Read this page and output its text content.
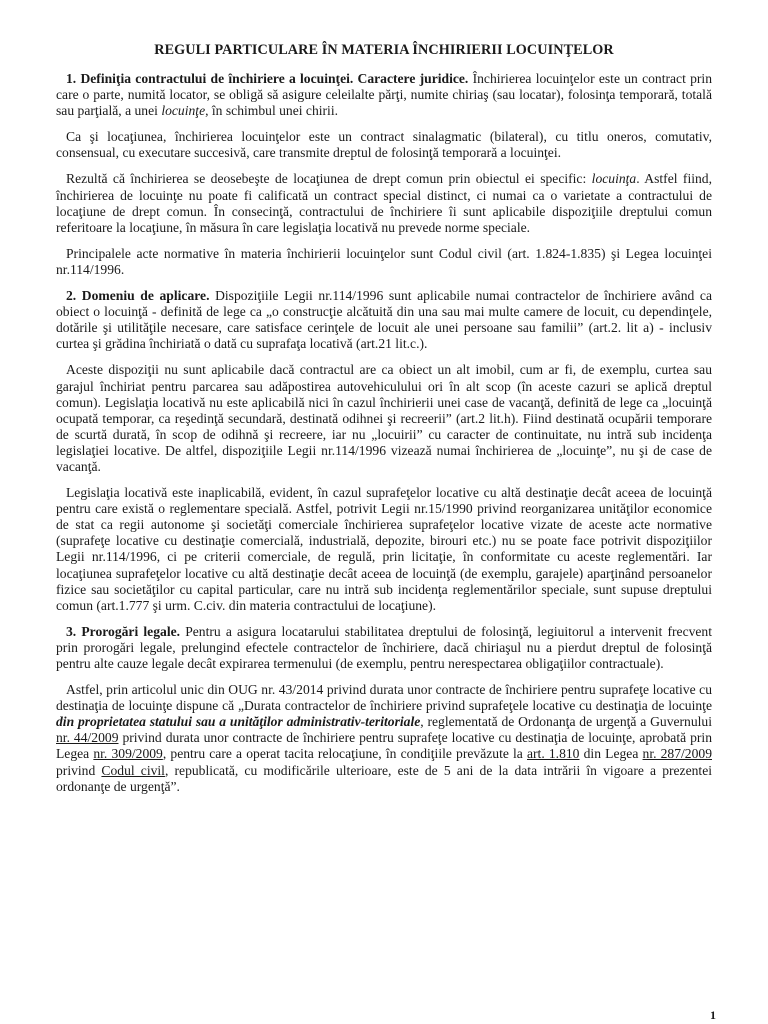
REGULI PARTICULARE ÎN MATERIA ÎNCHIRIERII LOCUINŢELOR

1. Definiţia contractului de închiriere a locuinţei. Caractere juridice. Închirierea locuinţelor este un contract prin care o parte, numită locator, se obligă să asigure celeilalte părţi, numite chiriaş (sau locatar), folosinţa temporară, totală sau parţială, a unei locuinţe, în schimbul unei chirii.

Ca şi locaţiunea, închirierea locuinţelor este un contract sinalagmatic (bilateral), cu titlu oneros, comutativ, consensual, cu executare succesivă, care transmite dreptul de folosinţă temporară a locuinţei.

Rezultă că închirierea se deosebeşte de locaţiunea de drept comun prin obiectul ei specific: locuinţa. Astfel fiind, închirierea de locuinţe nu poate fi calificată un contract special distinct, ci numai ca o varietate a contractului de locaţiune de drept comun. În consecinţă, contractului de închiriere îi sunt aplicabile dispoziţiile dreptului comun referitoare la locaţiune, în măsura în care legislaţia locativă nu prevede norme speciale.

Principalele acte normative în materia închirierii locuinţelor sunt Codul civil (art. 1.824-1.835) şi Legea locuinţei nr.114/1996.

2. Domeniu de aplicare. Dispoziţiile Legii nr.114/1996 sunt aplicabile numai contractelor de închiriere având ca obiect o locuinţă - definită de lege ca „o construcţie alcătuită din una sau mai multe camere de locuit, cu dependinţele, dotările şi utilităţile necesare, care satisface cerinţele de locuit ale unei persoane sau familii” (art.2. lit a) - inclusiv curtea şi grădina închiriată o dată cu suprafaţa locativă (art.21 lit.c.).

Aceste dispoziţii nu sunt aplicabile dacă contractul are ca obiect un alt imobil, cum ar fi, de exemplu, curtea sau garajul închiriat pentru parcarea sau adăpostirea autovehiculului ori în alt scop (în aceste cazuri se aplică dreptul comun). Legislaţia locativă nu este aplicabilă nici în cazul închirierii unei case de vacanţă, definită de lege ca „locuinţă ocupată temporar, ca reşedinţă secundară, destinată odihnei şi recreerii” (art.2 lit.h). Fiind destinată ocupării temporare de scurtă durată, în scop de odihnă şi recreere, iar nu „locuirii” cu caracter de continuitate, nu intră sub incidenţa legislaţiei locative. De altfel, dispoziţiile Legii nr.114/1996 vizează numai închirierea de „locuinţe”, nu şi de case de vacanţă.

Legislaţia locativă este inaplicabilă, evident, în cazul suprafeţelor locative cu altă destinaţie decât aceea de locuinţă pentru care există o reglementare specială. Astfel, potrivit Legii nr.15/1990 privind reorganizarea unităţilor economice de stat ca regii autonome şi societăţi comerciale închirierea suprafeţelor locative vizate de aceste acte normative (suprafeţe locative cu destinaţie comercială, industrială, depozite, birouri etc.) nu se poate face potrivit dispoziţiilor Legii nr.114/1996, ci pe criterii comerciale, de regulă, prin licitaţie, în conformitate cu aceste reglementări. Iar locaţiunea suprafeţelor locative cu altă destinaţie decât aceea de locuinţă (de exemplu, garajele) aparţinând persoanelor fizice sau societăţilor cu capital particular, care nu intră sub incidenţa reglementărilor speciale, sunt supuse dreptului comun (art.1.777 şi urm. C.civ. din materia contractului de locaţiune).

3. Prorogări legale. Pentru a asigura locatarului stabilitatea dreptului de folosinţă, legiuitorul a intervenit frecvent prin prorogări legale, prelungind efectele contractelor de închiriere, dacă chiriaşul nu a pierdut dreptul de folosinţă pentru alte cauze legale decât expirarea termenului (de exemplu, pentru nerespectarea obligaţiilor contractuale).

Astfel, prin articolul unic din OUG nr. 43/2014 privind durata unor contracte de închiriere pentru suprafeţe locative cu destinaţia de locuinţe dispune că „Durata contractelor de închiriere privind suprafeţele locative cu destinaţia de locuinţe din proprietatea statului sau a unităţilor administrativ-teritoriale, reglementată de Ordonanţa de urgenţă a Guvernului nr. 44/2009 privind durata unor contracte de închiriere pentru suprafeţe locative cu destinaţia de locuinţe, aprobată prin Legea nr. 309/2009, pentru care a operat tacita relocaţiune, în condiţiile prevăzute la art. 1.810 din Legea nr. 287/2009 privind Codul civil, republicată, cu modificările ulterioare, este de 5 ani de la data intrării în vigoare a prezentei ordonanţe de urgenţă”.

1
